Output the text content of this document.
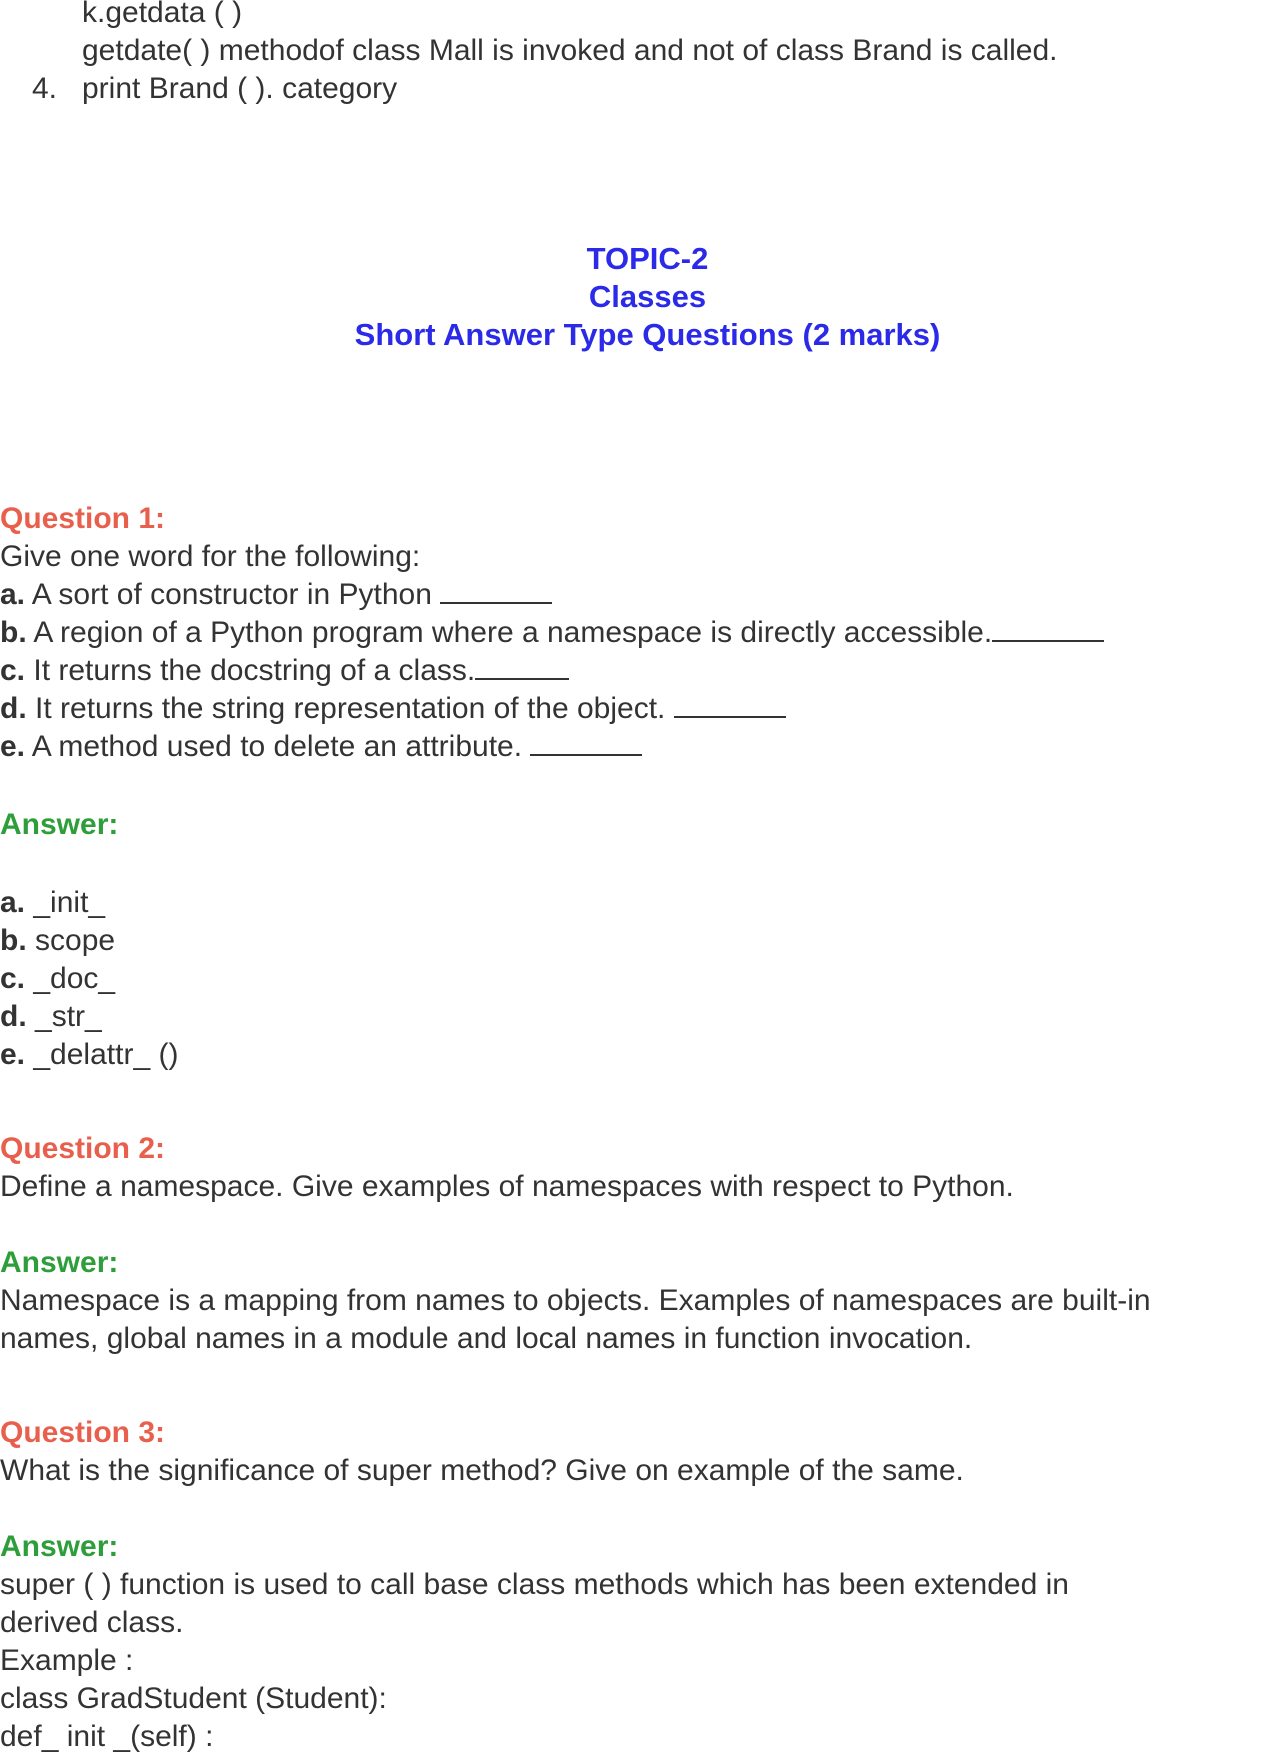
k.getdata ( )
getdate( ) methodof class Mall is invoked and not of class Brand is called.
4. print Brand ( ). category
TOPIC-2
Classes
Short Answer Type Questions (2 marks)
Question 1:
Give one word for the following:
a. A sort of constructor in Python
b. A region of a Python program where a namespace is directly accessible.
c. It returns the docstring of a class.
d. It returns the string representation of the object.
e. A method used to delete an attribute.
Answer:
a. _init_
b. scope
c. _doc_
d. _str_
e. _delattr_ ()
Question 2:
Define a namespace. Give examples of namespaces with respect to Python.
Answer:
Namespace is a mapping from names to objects. Examples of namespaces are built-in
names, global names in a module and local names in function invocation.
Question 3:
What is the significance of super method? Give on example of the same.
Answer:
super ( ) function is used to call base class methods which has been extended in
derived class.
Example :
class GradStudent (Student):
def_ init _(self) :
